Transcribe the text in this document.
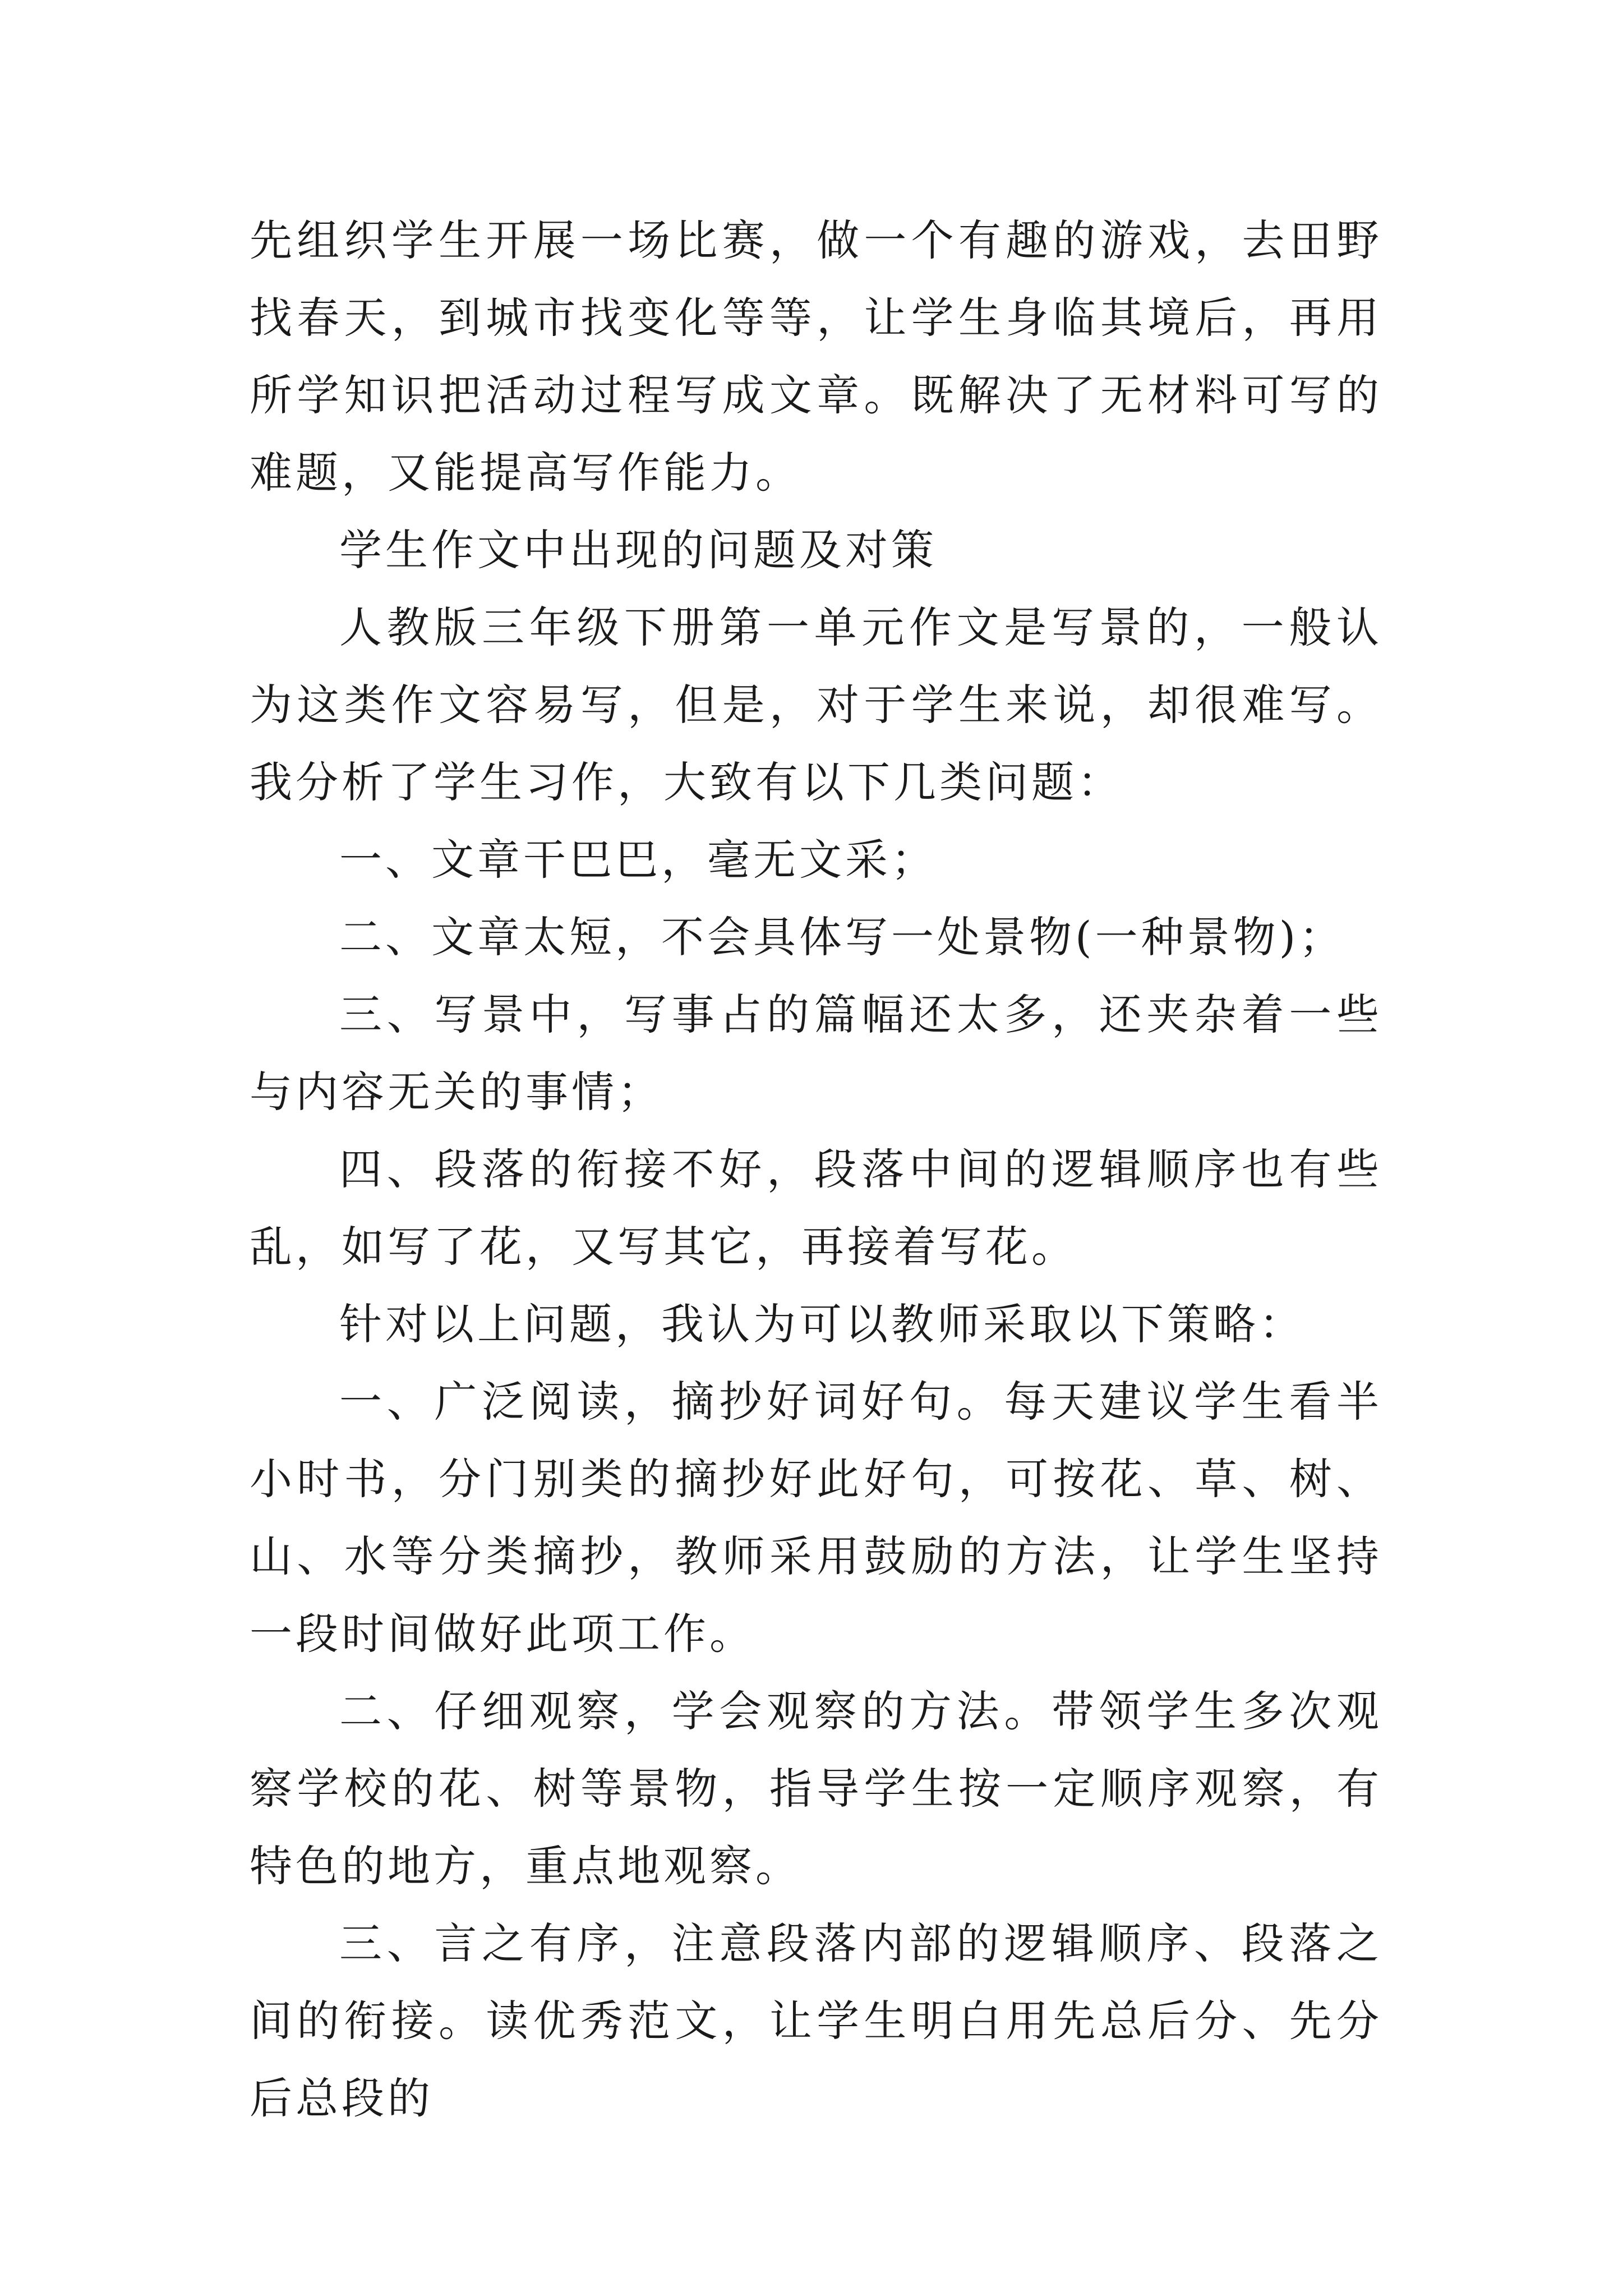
先组织学生开展一场比赛，做一个有趣的游戏，去田野找春天，到城市找变化等等，让学生身临其境后，再用所学知识把活动过程写成文章。既解决了无材料可写的难题，又能提高写作能力。

学生作文中出现的问题及对策

人教版三年级下册第一单元作文是写景的，一般认为这类作文容易写，但是，对于学生来说，却很难写。我分析了学生习作，大致有以下几类问题：

一、文章干巴巴，毫无文采；

二、文章太短，不会具体写一处景物(一种景物)；

三、写景中，写事占的篇幅还太多，还夹杂着一些与内容无关的事情；

四、段落的衔接不好，段落中间的逻辑顺序也有些乱，如写了花，又写其它，再接着写花。

针对以上问题，我认为可以教师采取以下策略：

一、广泛阅读，摘抄好词好句。每天建议学生看半小时书，分门别类的摘抄好此好句，可按花、草、树、山、水等分类摘抄，教师采用鼓励的方法，让学生坚持一段时间做好此项工作。

二、仔细观察，学会观察的方法。带领学生多次观察学校的花、树等景物，指导学生按一定顺序观察，有特色的地方，重点地观察。

三、言之有序，注意段落内部的逻辑顺序、段落之间的衔接。读优秀范文，让学生明白用先总后分、先分后总段的
